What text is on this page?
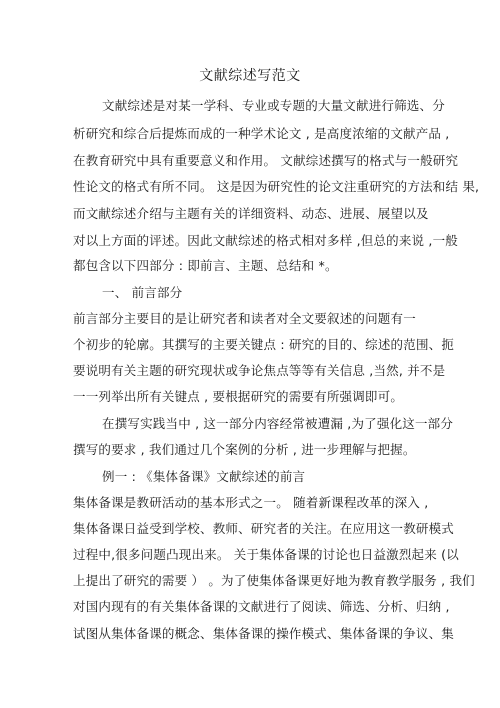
文献综述写范文
文献综述是对某一学科、专业或专题的大量文献进行筛选、分
析研究和综合后提炼而成的一种学术论文 , 是高度浓缩的文献产品 ,
在教育研究中具有重要意义和作用。 文献综述撰写的格式与一般研究
性论文的格式有所不同。 这是因为研究性的论文注重研究的方法和结 果,
而文献综述介绍与主题有关的详细资料、动态、进展、展望以及
对以上方面的评述。因此文献综述的格式相对多样 ,但总的来说 ,一般
都包含以下四部分 : 即前言、主题、总结和 *。
一、 前言部分
前言部分主要目的是让研究者和读者对全文要叙述的问题有一
个初步的轮廓。其撰写的主要关键点 : 研究的目的、综述的范围、扼
要说明有关主题的研究现状或争论焦点等等有关信息 ,当然, 并不是
一一列举出所有关键点 , 要根据研究的需要有所强调即可。
在撰写实践当中 , 这一部分内容经常被遭漏 ,为了强化这一部分
撰写的要求 , 我们通过几个案例的分析 , 进一步理解与把握。
例一 : 《集体备课》文献综述的前言
集体备课是教研活动的基本形式之一。 随着新课程改革的深入 ,
集体备课日益受到学校、教师、研究者的关注。在应用这一教研模式
过程中,很多问题凸现出来。 关于集体备课的讨论也日益激烈起来 (以
上提出了研究的需要 ） 。为了使集体备课更好地为教育教学服务 , 我们
对国内现有的有关集体备课的文献进行了阅读、筛选、分析、归纳 ,
试图从集体备课的概念、集体备课的操作模式、集体备课的争议、集
